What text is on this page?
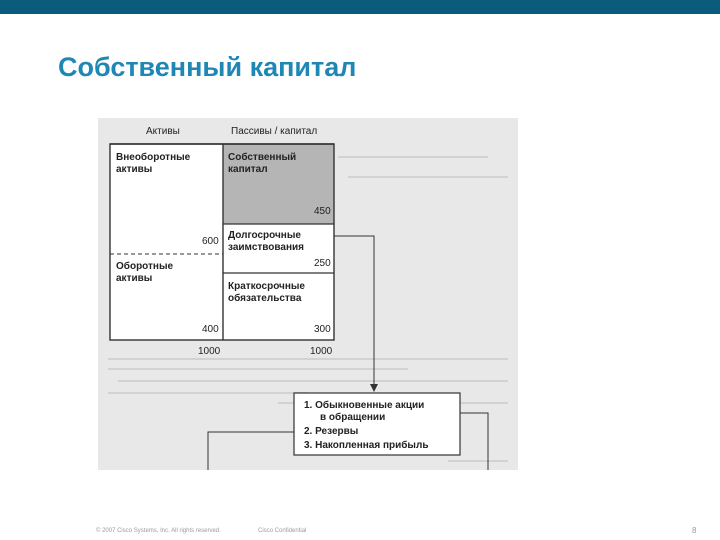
Собственный капитал
Активы	Пассивы / капитал
Внеоборотные активы
600
Оборотные активы
400
Собственный капитал
450
Долгосрочные заимствования
250
Краткосрочные обязательства
300
1000	1000
1. Обыкновенные акции
в обращении
2. Резервы
3. Накопленная прибыль
© 2007 Cisco Systems, Inc. All rights reserved.	Cisco Confidential	8
